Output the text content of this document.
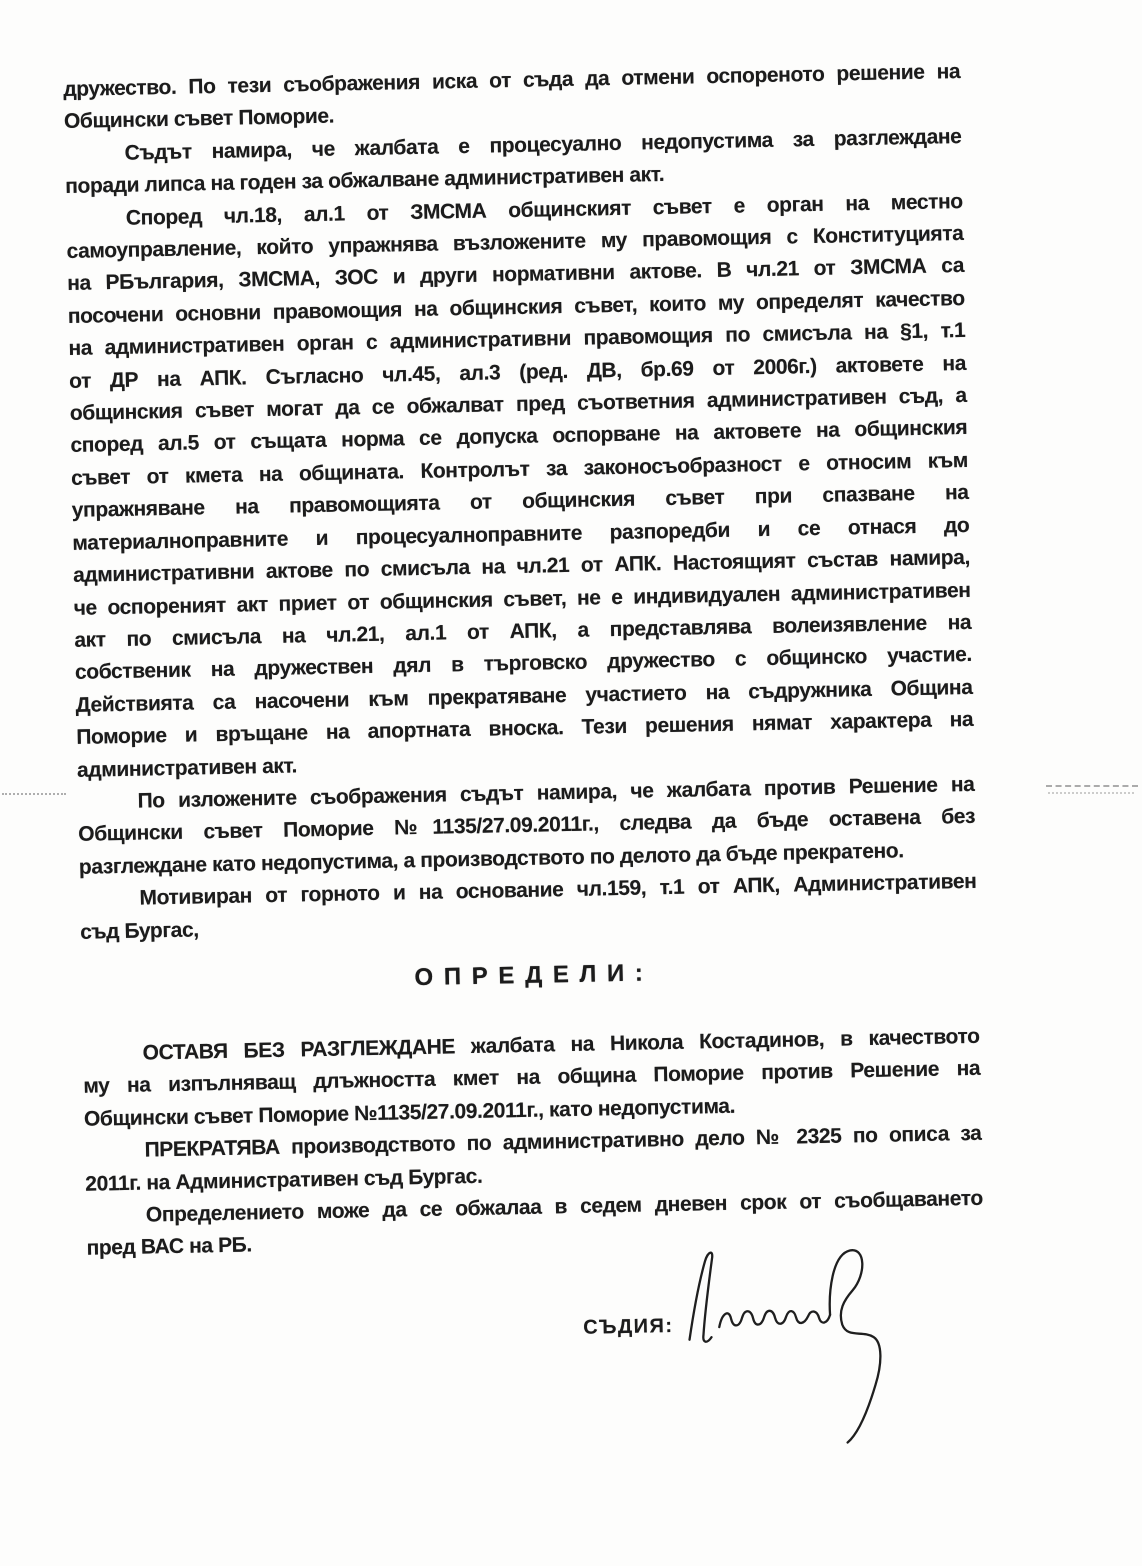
дружество. По тези съображения иска от съда да отмени оспореното решение на
Общински съвет Поморие.
Съдът намира, че жалбата е процесуално недопустима за разглеждане
поради липса на годен за обжалване административен акт.
Според чл.18, ал.1 от ЗМСМА общинският съвет е орган на местно
самоуправление, който упражнява възложените му правомощия с Конституцията
на РБългария, ЗМСМА, ЗОС и други нормативни актове. В чл.21 от ЗМСМА са
посочени основни правомощия на общинския съвет, които му определят качество
на административен орган с административни правомощия по смисъла на §1, т.1
от ДР на АПК. Съгласно чл.45, ал.3 (ред. ДВ, бр.69 от 2006г.) актовете на
общинския съвет могат да се обжалват пред съответния административен съд, а
според ал.5 от същата норма се допуска оспорване на актовете на общинския
съвет от кмета на общината. Контролът за законосъобразност е относим към
упражняване на правомощията от общинския съвет при спазване на
материалноправните и процесуалноправните разпоредби и се отнася до
административни актове по смисъла на чл.21 от АПК. Настоящият състав намира,
че оспореният акт приет от общинския съвет, не е индивидуален административен
акт по смисъла на чл.21, ал.1 от АПК, а представлява волеизявление на
собственик на дружествен дял в търговско дружество с общинско участие.
Действията са насочени към прекратяване участието на съдружника Община
Поморие и връщане на апортната вноска. Тези решения нямат характера на
административен акт.
По изложените съображения съдът намира, че жалбата против Решение на
Общински съвет Поморие №1135/27.09.2011г., следва да бъде оставена без
разглеждане като недопустима, а производството по делото да бъде прекратено.
Мотивиран от горното и на основание чл.159, т.1 от АПК, Административен
съд Бургас,
О П Р Е Д Е Л И :
ОСТАВЯ БЕЗ РАЗГЛЕЖДАНЕ жалбата на Никола Костадинов, в качеството
му на изпълняващ длъжността кмет на община Поморие против Решение на
Общински съвет Поморие №1135/27.09.2011г., като недопустима.
ПРЕКРАТЯВА производството по административно дело № 2325 по описа за
2011г. на Административен съд Бургас.
Определението може да се обжалаа в седем дневен срок от съобщаването
пред ВАС на РБ.
СЪДИЯ:
